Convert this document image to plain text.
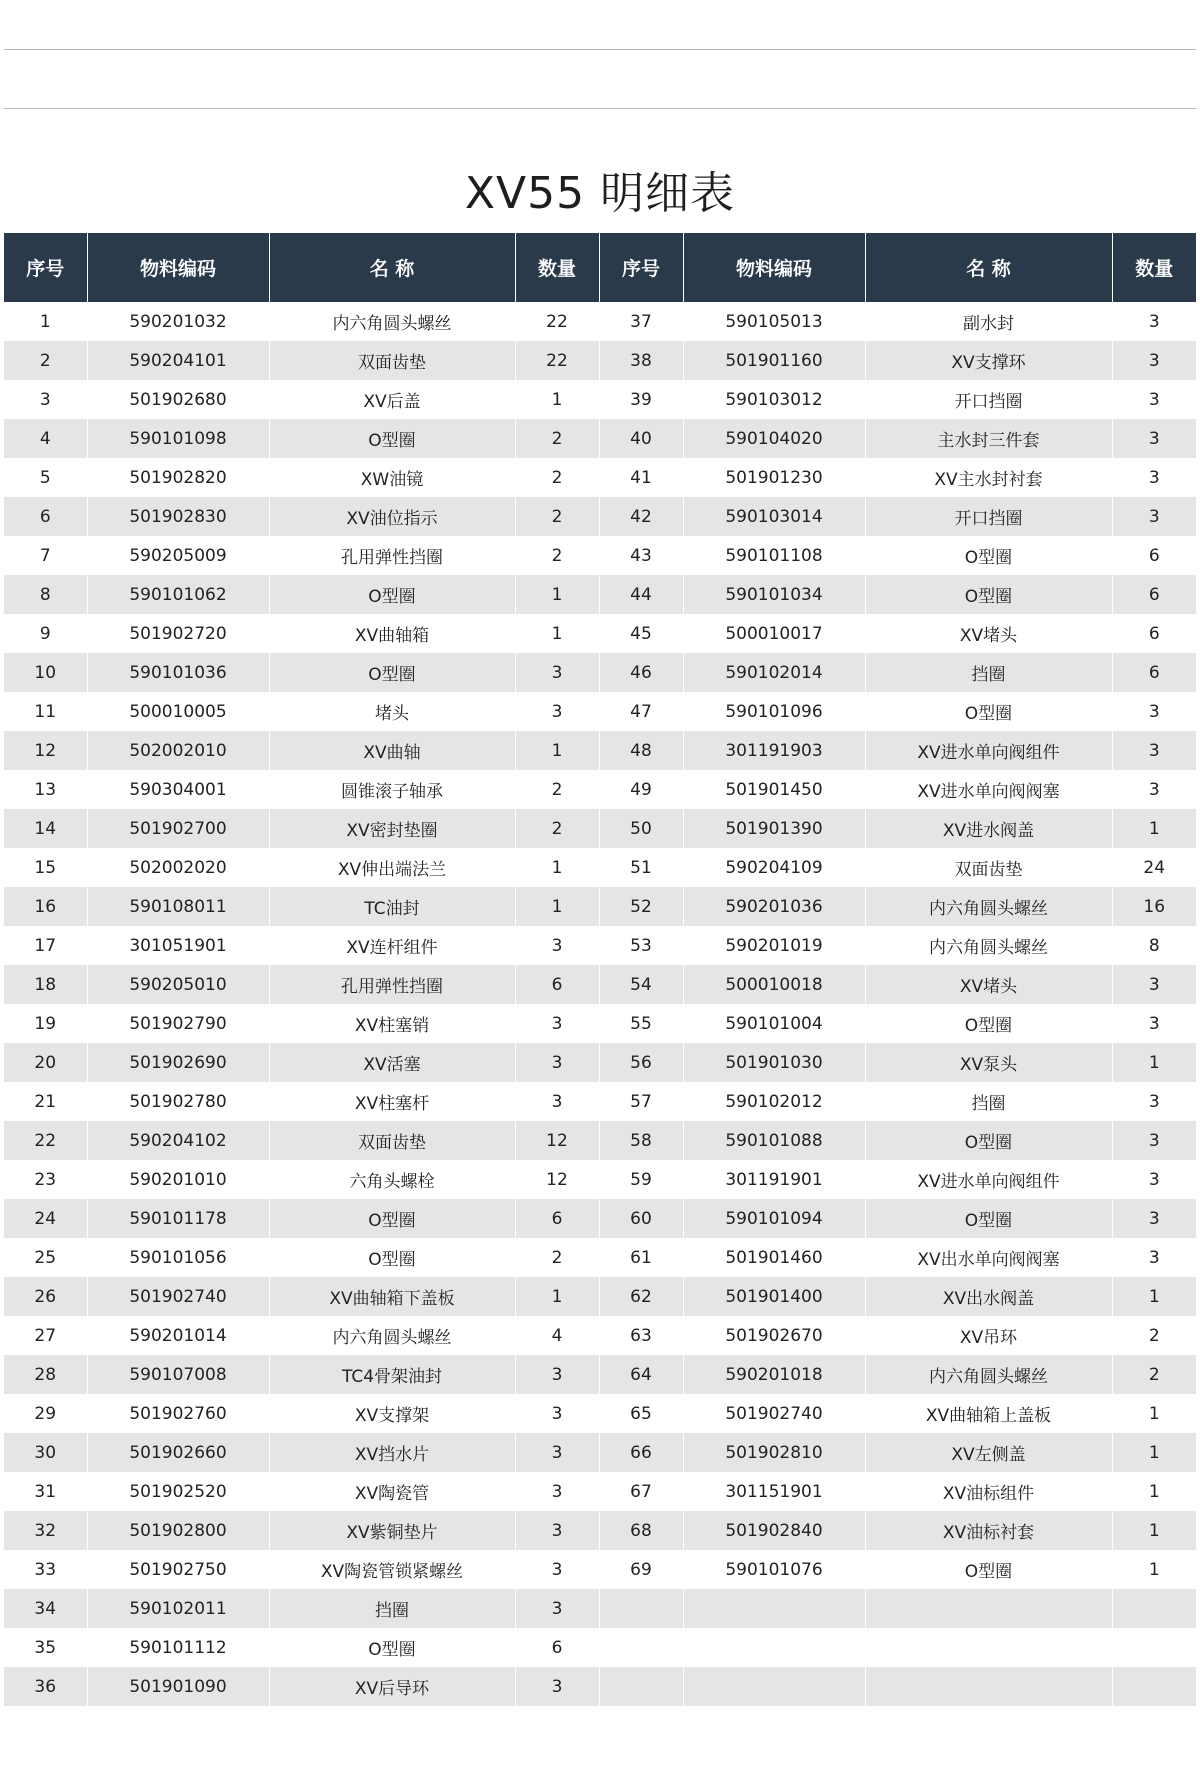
XV55 明细表
序号	物料编码	名 称	数量	序号	物料编码	名 称	数量
1	590201032	内六角圆头螺丝	22	37	590105013	副水封	3
2	590204101	双面齿垫	22	38	501901160	XV支撑环	3
3	501902680	XV后盖	1	39	590103012	开口挡圈	3
4	590101098	O型圈	2	40	590104020	主水封三件套	3
5	501902820	XW油镜	2	41	501901230	XV主水封衬套	3
6	501902830	XV油位指示	2	42	590103014	开口挡圈	3
7	590205009	孔用弹性挡圈	2	43	590101108	O型圈	6
8	590101062	O型圈	1	44	590101034	O型圈	6
9	501902720	XV曲轴箱	1	45	500010017	XV堵头	6
10	590101036	O型圈	3	46	590102014	挡圈	6
11	500010005	堵头	3	47	590101096	O型圈	3
12	502002010	XV曲轴	1	48	301191903	XV进水单向阀组件	3
13	590304001	圆锥滚子轴承	2	49	501901450	XV进水单向阀阀塞	3
14	501902700	XV密封垫圈	2	50	501901390	XV进水阀盖	1
15	502002020	XV伸出端法兰	1	51	590204109	双面齿垫	24
16	590108011	TC油封	1	52	590201036	内六角圆头螺丝	16
17	301051901	XV连杆组件	3	53	590201019	内六角圆头螺丝	8
18	590205010	孔用弹性挡圈	6	54	500010018	XV堵头	3
19	501902790	XV柱塞销	3	55	590101004	O型圈	3
20	501902690	XV活塞	3	56	501901030	XV泵头	1
21	501902780	XV柱塞杆	3	57	590102012	挡圈	3
22	590204102	双面齿垫	12	58	590101088	O型圈	3
23	590201010	六角头螺栓	12	59	301191901	XV进水单向阀组件	3
24	590101178	O型圈	6	60	590101094	O型圈	3
25	590101056	O型圈	2	61	501901460	XV出水单向阀阀塞	3
26	501902740	XV曲轴箱下盖板	1	62	501901400	XV出水阀盖	1
27	590201014	内六角圆头螺丝	4	63	501902670	XV吊环	2
28	590107008	TC4骨架油封	3	64	590201018	内六角圆头螺丝	2
29	501902760	XV支撑架	3	65	501902740	XV曲轴箱上盖板	1
30	501902660	XV挡水片	3	66	501902810	XV左侧盖	1
31	501902520	XV陶瓷管	3	67	301151901	XV油标组件	1
32	501902800	XV紫铜垫片	3	68	501902840	XV油标衬套	1
33	501902750	XV陶瓷管锁紧螺丝	3	69	590101076	O型圈	1
34	590102011	挡圈	3				
35	590101112	O型圈	6				
36	501901090	XV后导环	3				
